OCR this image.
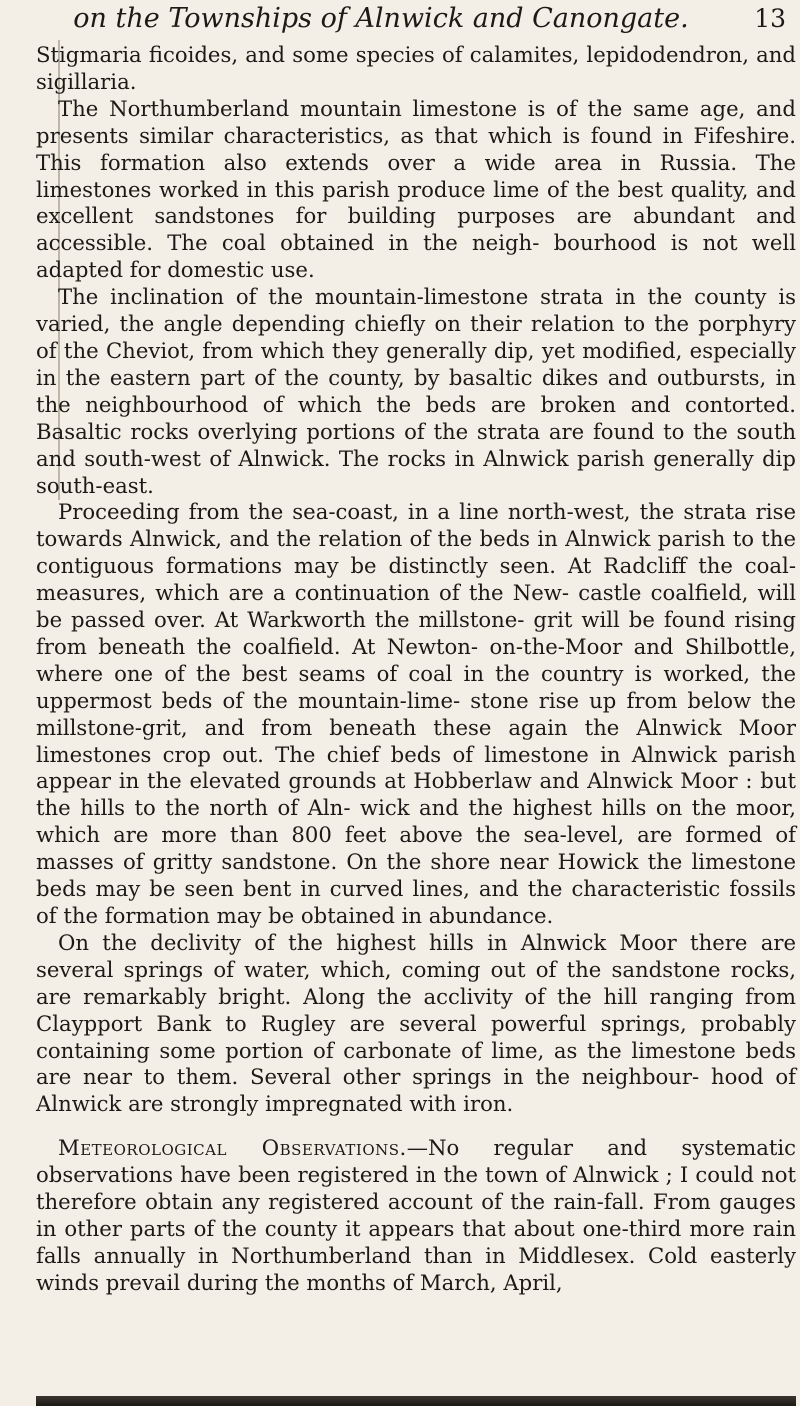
on the Townships of Alnwick and Canongate.	13

Stigmaria ficoides, and some species of calamites, lepidodendron, and sigillaria.

The Northumberland mountain limestone is of the same age, and presents similar characteristics, as that which is found in Fifeshire. This formation also extends over a wide area in Russia. The limestones worked in this parish produce lime of the best quality, and excellent sandstones for building purposes are abundant and accessible. The coal obtained in the neigh- bourhood is not well adapted for domestic use.

The inclination of the mountain-limestone strata in the county is varied, the angle depending chiefly on their relation to the porphyry of the Cheviot, from which they generally dip, yet modified, especially in the eastern part of the county, by basaltic dikes and outbursts, in the neighbourhood of which the beds are broken and contorted. Basaltic rocks overlying portions of the strata are found to the south and south-west of Alnwick. The rocks in Alnwick parish generally dip south-east.

Proceeding from the sea-coast, in a line north-west, the strata rise towards Alnwick, and the relation of the beds in Alnwick parish to the contiguous formations may be distinctly seen. At Radcliff the coal-measures, which are a continuation of the New- castle coalfield, will be passed over. At Warkworth the millstone- grit will be found rising from beneath the coalfield. At Newton- on-the-Moor and Shilbottle, where one of the best seams of coal in the country is worked, the uppermost beds of the mountain-lime- stone rise up from below the millstone-grit, and from beneath these again the Alnwick Moor limestones crop out. The chief beds of limestone in Alnwick parish appear in the elevated grounds at Hobberlaw and Alnwick Moor : but the hills to the north of Aln- wick and the highest hills on the moor, which are more than 800 feet above the sea-level, are formed of masses of gritty sandstone. On the shore near Howick the limestone beds may be seen bent in curved lines, and the characteristic fossils of the formation may be obtained in abundance.

On the declivity of the highest hills in Alnwick Moor there are several springs of water, which, coming out of the sandstone rocks, are remarkably bright. Along the acclivity of the hill ranging from Claypport Bank to Rugley are several powerful springs, probably containing some portion of carbonate of lime, as the limestone beds are near to them. Several other springs in the neighbour- hood of Alnwick are strongly impregnated with iron.

Meteorological Observations.—No regular and systematic observations have been registered in the town of Alnwick ; I could not therefore obtain any registered account of the rain-fall. From gauges in other parts of the county it appears that about one-third more rain falls annually in Northumberland than in Middlesex. Cold easterly winds prevail during the months of March, April,
